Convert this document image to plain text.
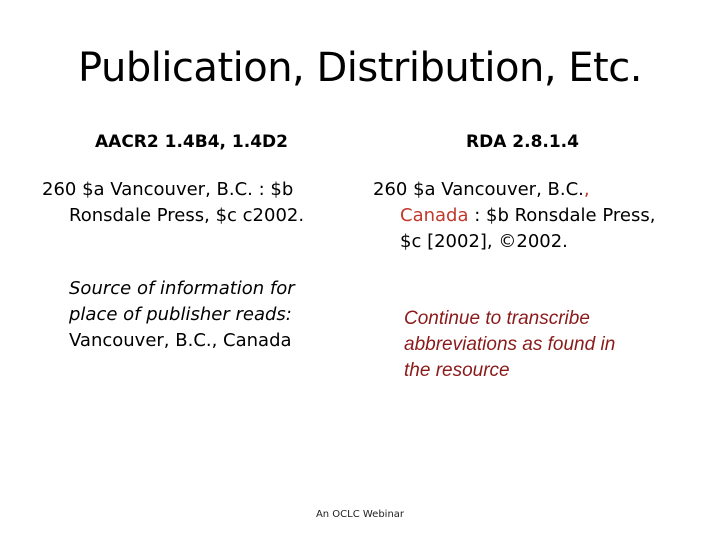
Publication, Distribution, Etc.
AACR2 1.4B4, 1.4D2	RDA 2.8.1.4
260 $a Vancouver, B.C. : $b
Ronsdale Press, $c c2002.
260 $a Vancouver, B.C.,
Canada : $b Ronsdale Press,
$c [2002], ©2002.
Source of information for
place of publisher reads:
Vancouver, B.C., Canada
Continue to transcribe
abbreviations as found in
the resource
An OCLC Webinar
